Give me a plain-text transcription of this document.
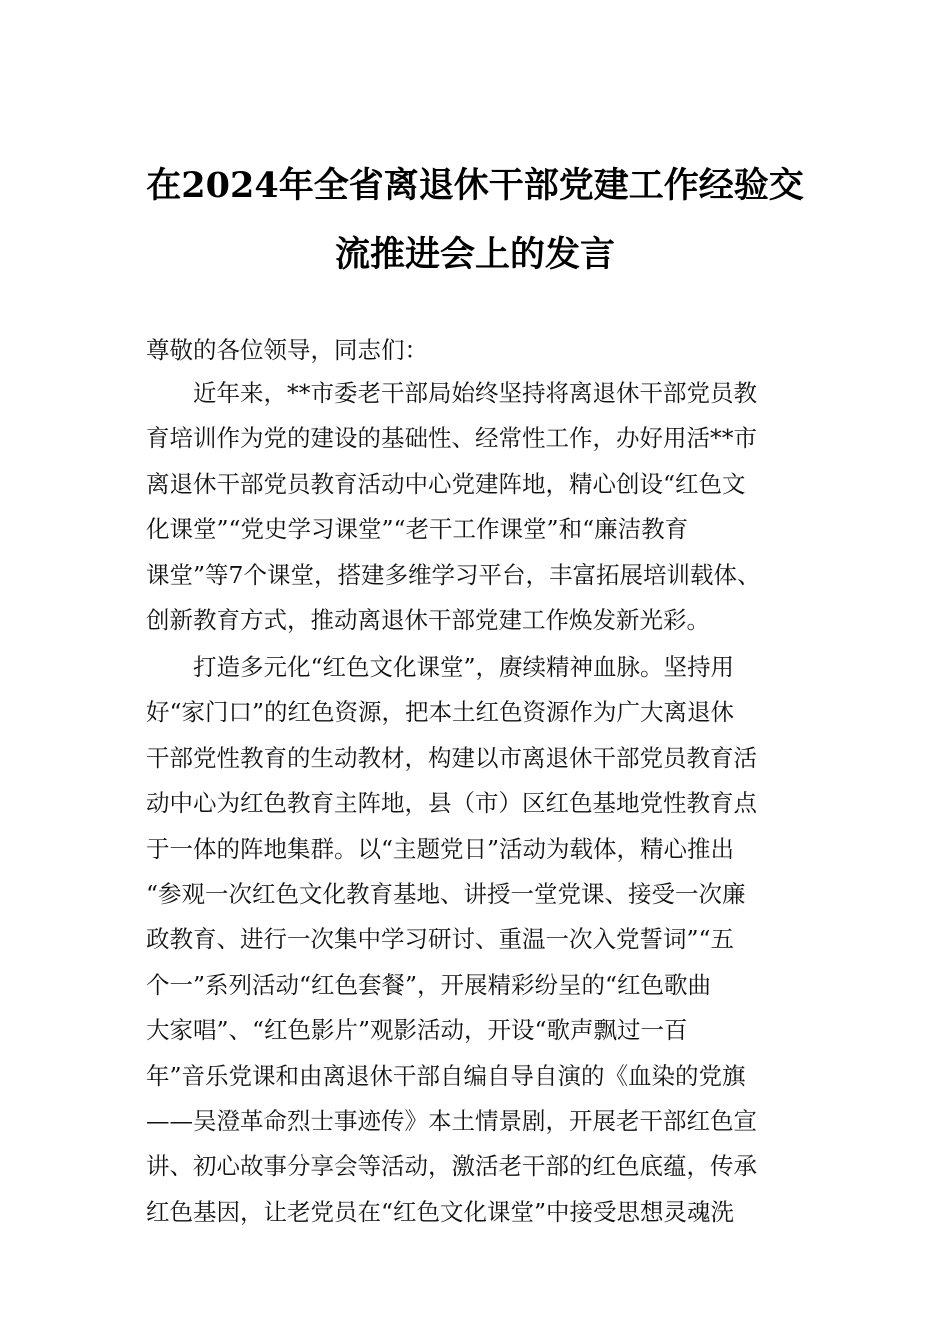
在2024年全省离退休干部党建工作经验交
流推进会上的发言
尊敬的各位领导，同志们：
　　近年来，**市委老干部局始终坚持将离退休干部党员教
育培训作为党的建设的基础性、经常性工作，办好用活**市
离退休干部党员教育活动中心党建阵地，精心创设“红色文
化课堂”“党史学习课堂”“老干工作课堂”和“廉洁教育
课堂”等7个课堂，搭建多维学习平台，丰富拓展培训载体、
创新教育方式，推动离退休干部党建工作焕发新光彩。
　　打造多元化“红色文化课堂”，赓续精神血脉。坚持用
好“家门口”的红色资源，把本土红色资源作为广大离退休
干部党性教育的生动教材，构建以市离退休干部党员教育活
动中心为红色教育主阵地，县（市）区红色基地党性教育点
于一体的阵地集群。以“主题党日”活动为载体，精心推出
“参观一次红色文化教育基地、讲授一堂党课、接受一次廉
政教育、进行一次集中学习研讨、重温一次入党誓词”“五
个一”系列活动“红色套餐”，开展精彩纷呈的“红色歌曲
大家唱”、“红色影片”观影活动，开设“歌声飘过一百
年”音乐党课和由离退休干部自编自导自演的《血染的党旗
——吴澄革命烈士事迹传》本土情景剧，开展老干部红色宣
讲、初心故事分享会等活动，激活老干部的红色底蕴，传承
红色基因，让老党员在“红色文化课堂”中接受思想灵魂洗
